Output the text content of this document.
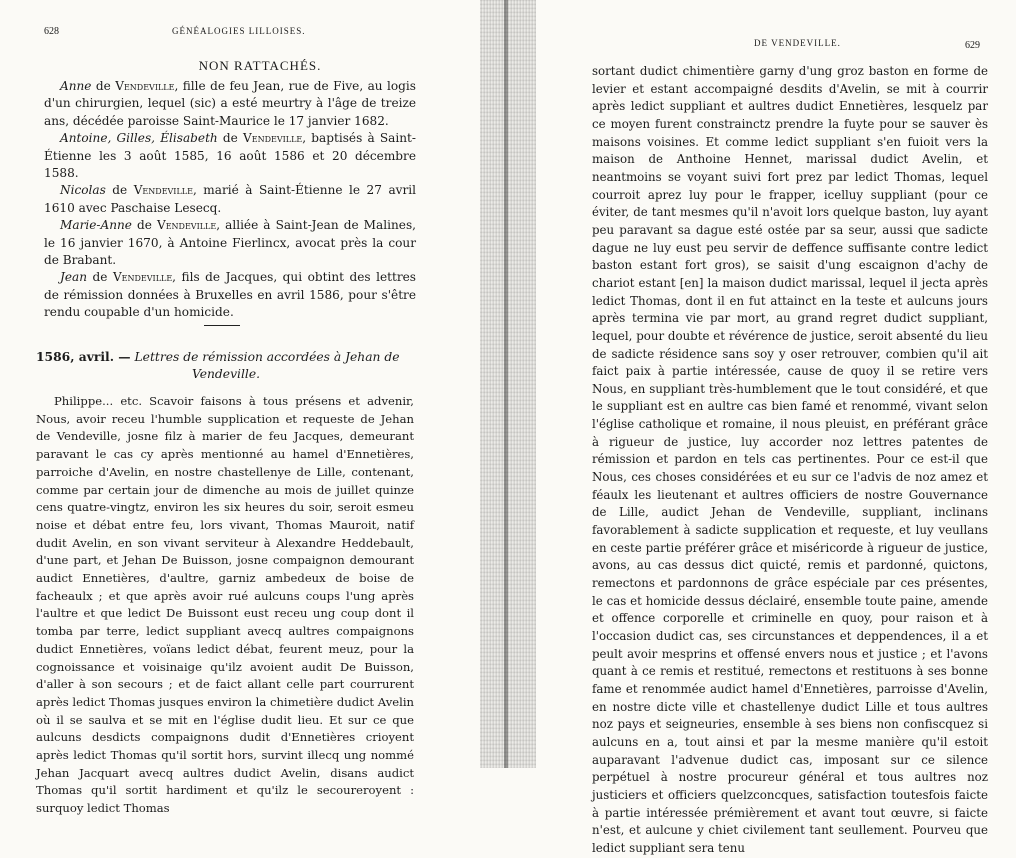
628	GÉNÉALOGIES LILLOISES.
NON RATTACHÉS.

Anne de Vendeville, fille de feu Jean, rue de Five, au logis d'un chirurgien, lequel (sic) a esté meurtry à l'âge de treize ans, décédée paroisse Saint-Maurice le 17 janvier 1682.

Antoine, Gilles, Élisabeth de Vendeville, baptisés à Saint-Étienne les 3 août 1585, 16 août 1586 et 20 décembre 1588.

Nicolas de Vendeville, marié à Saint-Étienne le 27 avril 1610 avec Paschaise Lesecq.

Marie-Anne de Vendeville, alliée à Saint-Jean de Malines, le 16 janvier 1670, à Antoine Fierlincx, avocat près la cour de Brabant.

Jean de Vendeville, fils de Jacques, qui obtint des lettres de rémission données à Bruxelles en avril 1586, pour s'être rendu coupable d'un homicide.

1586, avril. — Lettres de rémission accordées à Jehan de
Vendeville.

Philippe... etc. Scavoir faisons à tous présens et advenir, Nous, avoir receu l'humble supplication et requeste de Jehan de Vendeville, josne filz à marier de feu Jacques, demeurant paravant le cas cy après mentionné au hamel d'Ennetières, parroiche d'Avelin, en nostre chastellenye de Lille, contenant, comme par certain jour de dimenche au mois de juillet quinze cens quatre-vingtz, environ les six heures du soir, seroit esmeu noise et débat entre feu, lors vivant, Thomas Mauroit, natif dudit Avelin, en son vivant serviteur à Alexandre Heddebault, d'une part, et Jehan De Buisson, josne compaignon demourant audict Ennetières, d'aultre, garniz ambedeux de boise de facheaulx ; et que après avoir rué aulcuns coups l'ung après l'aultre et que ledict De Buissont eust receu ung coup dont il tomba par terre, ledict suppliant avecq aultres compaignons dudict Ennetières, voïans ledict débat, feurent meuz, pour la cognoissance et voisinaige qu'ilz avoient audit De Buisson, d'aller à son secours ; et de faict allant celle part courrurent après ledict Thomas jusques environ la chimetière dudict Avelin où il se saulva et se mit en l'église dudit lieu. Et sur ce que aulcuns desdicts compaignons dudit d'Ennetières crioyent après ledict Thomas qu'il sortit hors, survint illecq ung nommé Jehan Jacquart avecq aultres dudict Avelin, disans audict Thomas qu'il sortit hardiment et qu'ilz le secoureroyent : surquoy ledict Thomas

DE VENDEVILLE.	629

sortant dudict chimentière garny d'ung groz baston en forme de levier et estant accompaigné desdits d'Avelin, se mit à courrir après ledict suppliant et aultres dudict Ennetières, lesquelz par ce moyen furent constrainctz prendre la fuyte pour se sauver ès maisons voisines. Et comme ledict suppliant s'en fuioit vers la maison de Anthoine Hennet, marissal dudict Avelin, et neantmoins se voyant suivi fort prez par ledict Thomas, lequel courroit aprez luy pour le frapper, icelluy suppliant (pour ce éviter, de tant mesmes qu'il n'avoit lors quelque baston, luy ayant peu paravant sa dague esté ostée par sa seur, aussi que sadicte dague ne luy eust peu servir de deffence suffisante contre ledict baston estant fort gros), se saisit d'ung escaignon d'achy de chariot estant [en] la maison dudict marissal, lequel il jecta après ledict Thomas, dont il en fut attainct en la teste et aulcuns jours après termina vie par mort, au grand regret dudict suppliant, lequel, pour doubte et révérence de justice, seroit absenté du lieu de sadicte résidence sans soy y oser retrouver, combien qu'il ait faict paix à partie intéressée, cause de quoy il se retire vers Nous, en suppliant très-humblement que le tout considéré, et que le suppliant est en aultre cas bien famé et renommé, vivant selon l'église catholique et romaine, il nous pleuist, en préférant grâce à rigueur de justice, luy accorder noz lettres patentes de rémission et pardon en tels cas pertinentes. Pour ce est-il que Nous, ces choses considérées et eu sur ce l'advis de noz amez et féaulx les lieutenant et aultres officiers de nostre Gouvernance de Lille, audict Jehan de Vendeville, suppliant, inclinans favorablement à sadicte supplication et requeste, et luy veullans en ceste partie préférer grâce et miséricorde à rigueur de justice, avons, au cas dessus dict quicté, remis et pardonné, quictons, remectons et pardonnons de grâce espéciale par ces présentes, le cas et homicide dessus déclairé, ensemble toute paine, amende et offence corporelle et criminelle en quoy, pour raison et à l'occasion dudict cas, ses circunstances et deppendences, il a et peult avoir mesprins et offensé envers nous et justice ; et l'avons quant à ce remis et restitué, remectons et restituons à ses bonne fame et renommée audict hamel d'Ennetières, parroisse d'Avelin, en nostre dicte ville et chastellenye dudict Lille et tous aultres noz pays et seigneuries, ensemble à ses biens non confiscquez si aulcuns en a, tout ainsi et par la mesme manière qu'il estoit auparavant l'advenue dudict cas, imposant sur ce silence perpétuel à nostre procureur général et tous aultres noz justiciers et officiers quelzconcques, satisfaction toutesfois faicte à partie intéressée prémièrement et avant tout œuvre, si faicte n'est, et aulcune y chiet civilement tant seullement. Pourveu que ledict suppliant sera tenu
